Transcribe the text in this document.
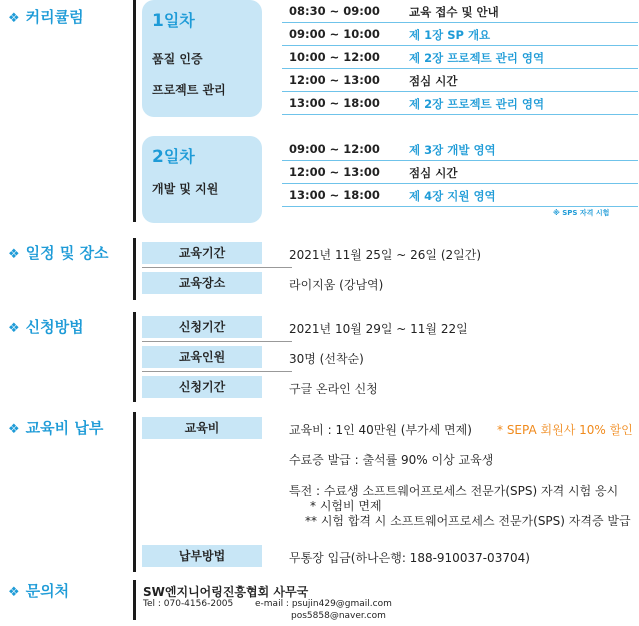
❖ 커리큘럼
❖ 일정 및 장소
❖ 신청방법
❖ 교육비 납부
❖ 문의처
1일차
품질 인증
프로젝트 관리
08:30 ~ 09:00	교육 접수 및 안내
09:00 ~ 10:00	제 1장 SP 개요
10:00 ~ 12:00	제 2장 프로젝트 관리 영역
12:00 ~ 13:00	점심 시간
13:00 ~ 18:00	제 2장 프로젝트 관리 영역
2일차
개발 및 지원
09:00 ~ 12:00	제 3장 개발 영역
12:00 ~ 13:00	점심 시간
13:00 ~ 18:00	제 4장 지원 영역
※ SPS 자격 시험
교육기간	2021년 11월 25일 ~ 26일 (2일간)
교육장소	라이지움 (강남역)
신청기간	2021년 10월 29일 ~ 11월 22일
교육인원	30명 (선착순)
신청기간	구글 온라인 신청
교육비	교육비 : 1인 40만원 (부가세 면제) * SEPA 회원사 10% 할인
수료증 발급 : 출석률 90% 이상 교육생
특전 : 수료생 소프트웨어프로세스 전문가(SPS) 자격 시험 응시
* 시험비 면제
** 시험 합격 시 소프트웨어프로세스 전문가(SPS) 자격증 발급
납부방법	무통장 입금(하나은행: 188-910037-03704)
SW엔지니어링진흥협회 사무국
Tel : 070-4156-2005 e-mail : psujin429@gmail.com
pos5858@naver.com
